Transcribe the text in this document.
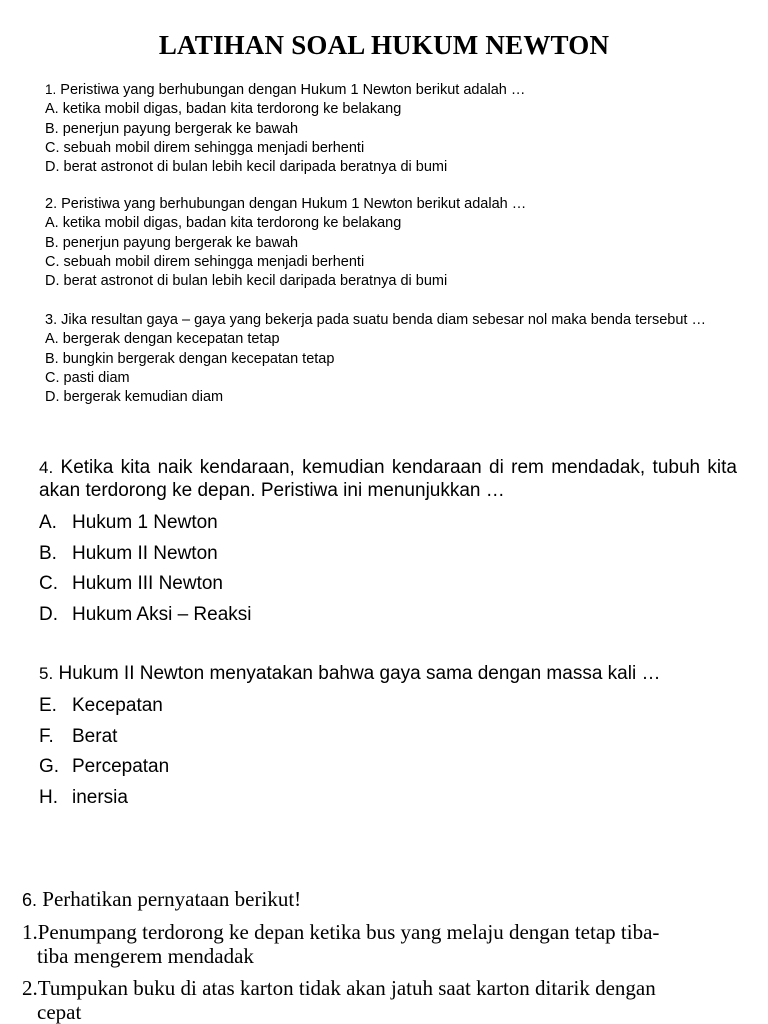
LATIHAN SOAL HUKUM NEWTON
1. Peristiwa yang berhubungan dengan Hukum 1 Newton berikut adalah …
A. ketika mobil digas, badan kita terdorong ke belakang
B. penerjun payung bergerak ke bawah
C. sebuah mobil direm sehingga menjadi berhenti
D. berat astronot di bulan lebih kecil daripada beratnya di bumi
2. Peristiwa yang berhubungan dengan Hukum 1 Newton berikut adalah …
A. ketika mobil digas, badan kita terdorong ke belakang
B. penerjun payung bergerak ke bawah
C. sebuah mobil direm sehingga menjadi berhenti
D. berat astronot di bulan lebih kecil daripada beratnya di bumi
3. Jika resultan gaya – gaya yang bekerja pada suatu benda diam sebesar nol maka benda tersebut …
A. bergerak dengan kecepatan tetap
B. bungkin bergerak dengan kecepatan tetap
C. pasti diam
D. bergerak kemudian diam
4. Ketika kita naik kendaraan, kemudian kendaraan di rem mendadak, tubuh kita akan terdorong ke depan. Peristiwa ini menunjukkan …
A. Hukum 1 Newton
B. Hukum II Newton
C. Hukum III Newton
D. Hukum Aksi – Reaksi
5. Hukum II Newton menyatakan bahwa gaya sama dengan massa kali …
E. Kecepatan
F. Berat
G. Percepatan
H. inersia
6. Perhatikan pernyataan berikut!
1.Penumpang terdorong ke depan ketika bus yang melaju dengan tetap tiba-
tiba mengerem mendadak
2.Tumpukan buku di atas karton tidak akan jatuh saat karton ditarik dengan
cepat
